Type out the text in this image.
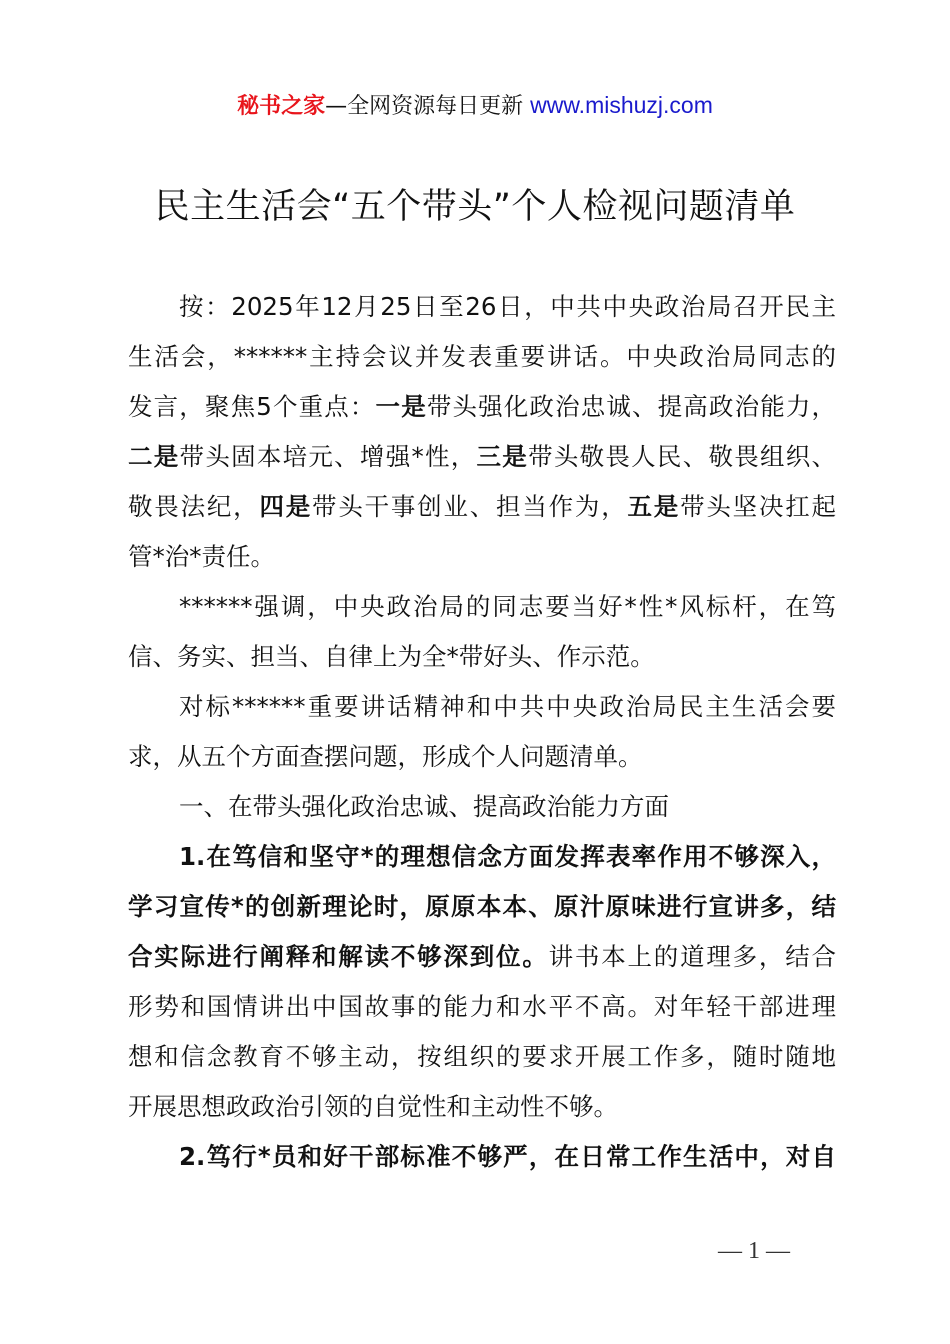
秘书之家—全网资源每日更新 www.mishuzj.com
民主生活会“五个带头”个人检视问题清单
按：2025年12月25日至26日，中共中央政治局召开民主
生活会，******主持会议并发表重要讲话。中央政治局同志的
发言，聚焦5个重点：一是带头强化政治忠诚、提高政治能力，
二是带头固本培元、增强*性，三是带头敬畏人民、敬畏组织、
敬畏法纪，四是带头干事创业、担当作为，五是带头坚决扛起
管*治*责任。
******强调，中央政治局的同志要当好*性*风标杆，在笃
信、务实、担当、自律上为全*带好头、作示范。
对标******重要讲话精神和中共中央政治局民主生活会要
求，从五个方面查摆问题，形成个人问题清单。
一、在带头强化政治忠诚、提高政治能力方面
1.在笃信和坚守*的理想信念方面发挥表率作用不够深入，
学习宣传*的创新理论时，原原本本、原汁原味进行宣讲多，结
合实际进行阐释和解读不够深到位。讲书本上的道理多，结合
形势和国情讲出中国故事的能力和水平不高。对年轻干部进理
想和信念教育不够主动，按组织的要求开展工作多，随时随地
开展思想政政治引领的自觉性和主动性不够。
2.笃行*员和好干部标准不够严，在日常工作生活中，对自
— 1 —
